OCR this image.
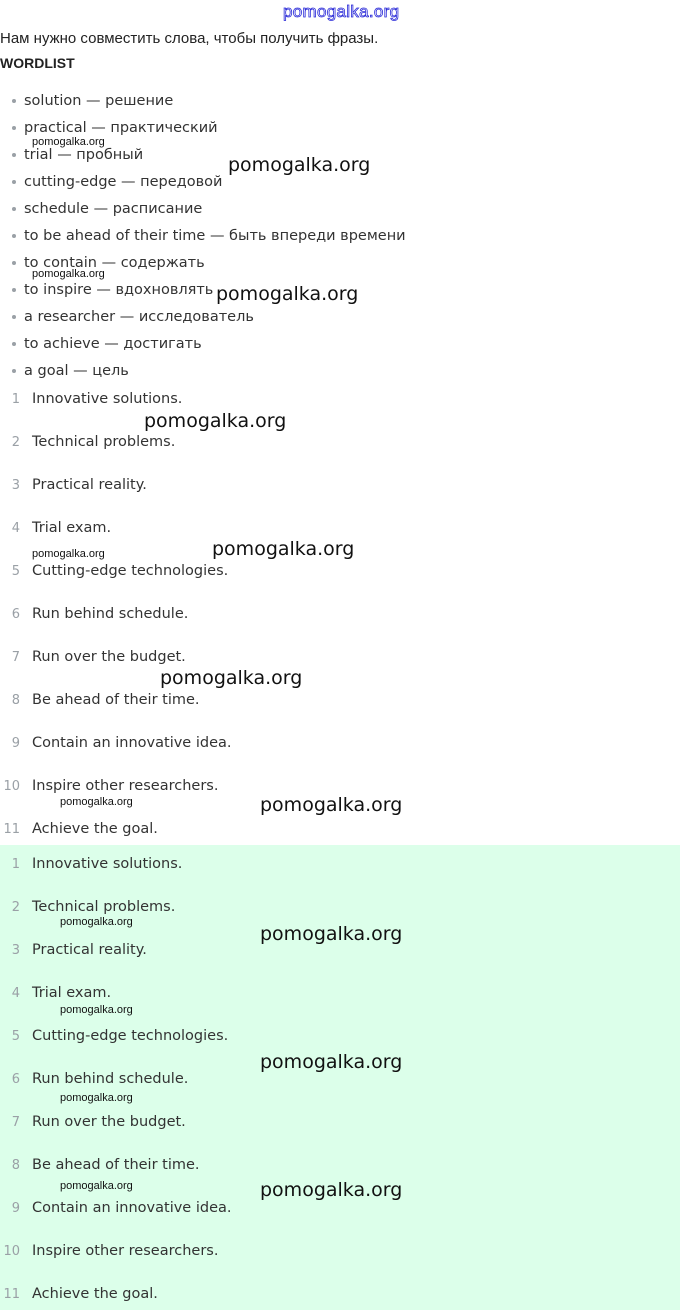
pomogalka.org
Нам нужно совместить слова, чтобы получить фразы.
WORDLIST
solution — решение
practical — практический
trial — пробный
cutting-edge — передовой
schedule — расписание
to be ahead of their time — быть впереди времени
to contain — содержать
to inspire — вдохновлять
a researcher — исследователь
to achieve — достигать
a goal — цель
1 Innovative solutions.
2 Technical problems.
3 Practical reality.
4 Trial exam.
5 Cutting-edge technologies.
6 Run behind schedule.
7 Run over the budget.
8 Be ahead of their time.
9 Contain an innovative idea.
10 Inspire other researchers.
11 Achieve the goal.
1 Innovative solutions.
2 Technical problems.
3 Practical reality.
4 Trial exam.
5 Cutting-edge technologies.
6 Run behind schedule.
7 Run over the budget.
8 Be ahead of their time.
9 Contain an innovative idea.
10 Inspire other researchers.
11 Achieve the goal.
pomogalka.org
pomogalka.org
pomogalka.org
pomogalka.org
pomogalka.org
pomogalka.org	pomogalka.org
pomogalka.org
pomogalka.org	pomogalka.org
pomogalka.org
pomogalka.org
pomogalka.org
pomogalka.org
pomogalka.org
pomogalka.org	pomogalka.org
